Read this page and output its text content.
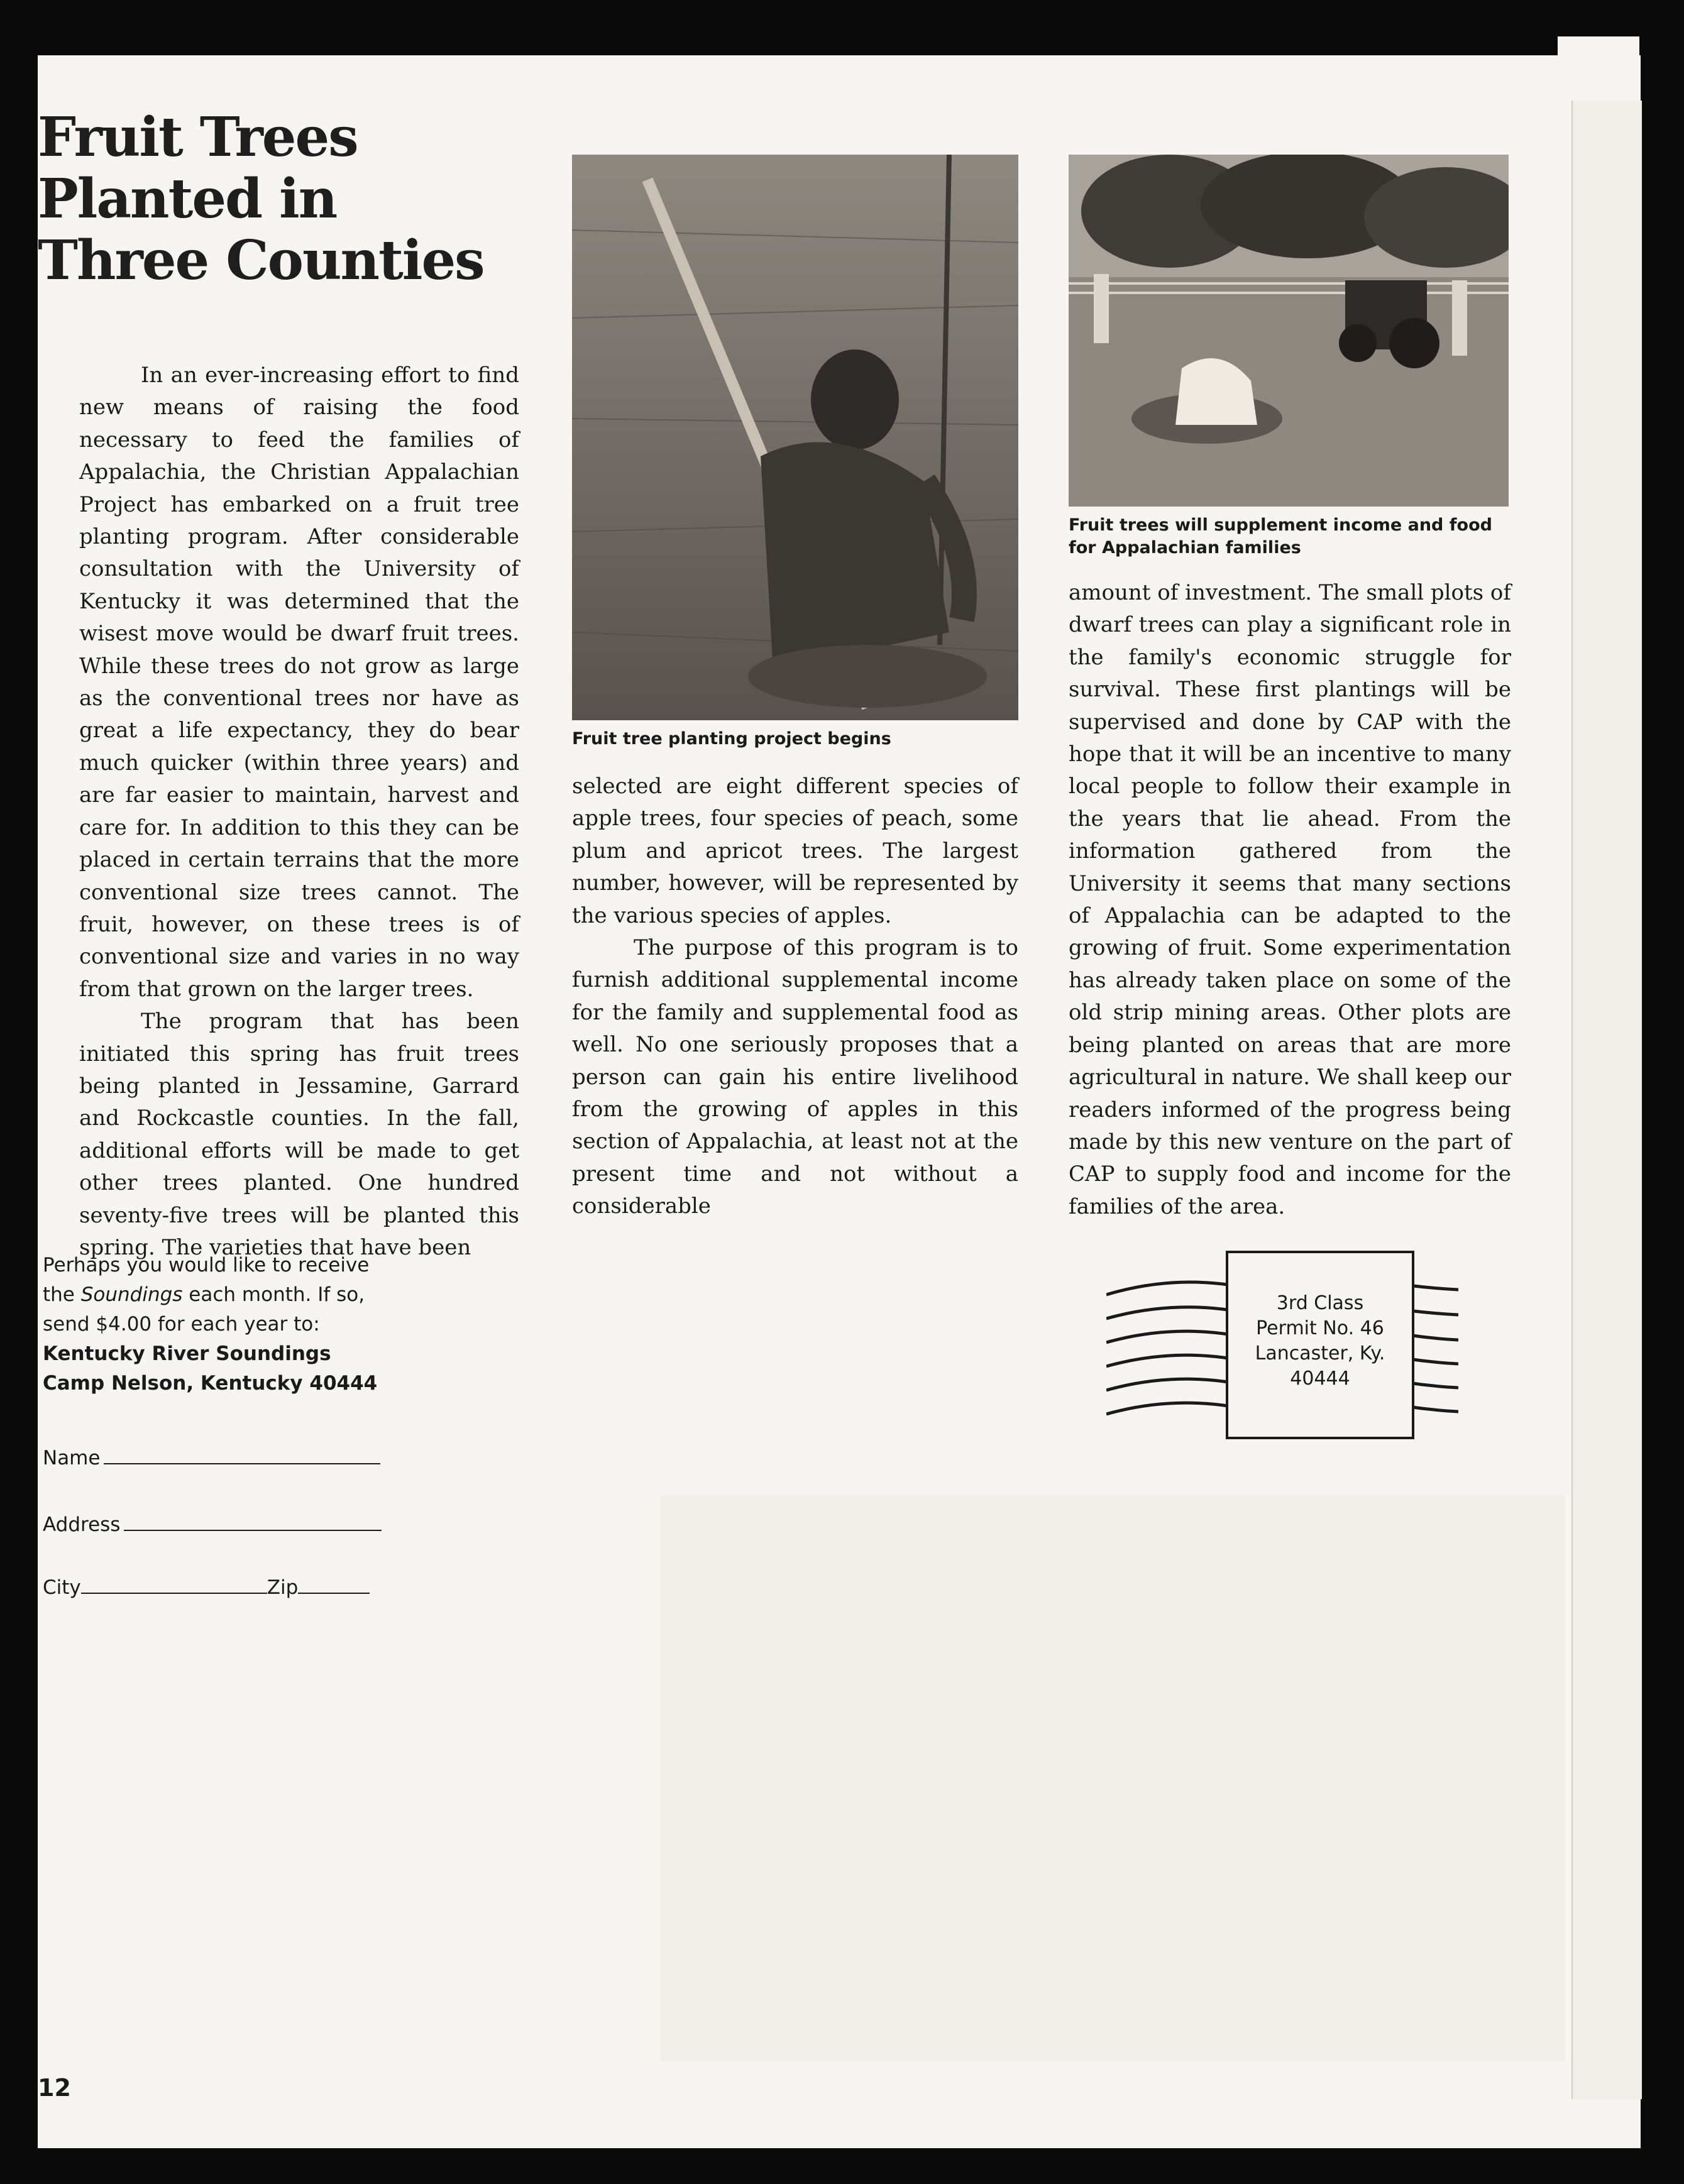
Fruit Trees
Planted in
Three Counties

In an ever-increasing effort to find new means of raising the food necessary to feed the families of Appalachia, the Christian Appalachian Project has embarked on a fruit tree planting program. After considerable consultation with the University of Kentucky it was determined that the wisest move would be dwarf fruit trees. While these trees do not grow as large as the conventional trees nor have as great a life expectancy, they do bear much quicker (within three years) and are far easier to maintain, harvest and care for. In addition to this they can be placed in certain terrains that the more conventional size trees cannot. The fruit, however, on these trees is of conventional size and varies in no way from that grown on the larger trees.

The program that has been initiated this spring has fruit trees being planted in Jessamine, Garrard and Rockcastle counties. In the fall, additional efforts will be made to get other trees planted. One hundred seventy-five trees will be planted this spring. The varieties that have been

Fruit tree planting project begins

selected are eight different species of apple trees, four species of peach, some plum and apricot trees. The largest number, however, will be represented by the various species of apples.

The purpose of this program is to furnish additional supplemental income for the family and supplemental food as well. No one seriously proposes that a person can gain his entire livelihood from the growing of apples in this section of Appalachia, at least not at the present time and not without a considerable

Fruit trees will supplement income and food for Appalachian families

amount of investment. The small plots of dwarf trees can play a significant role in the family's economic struggle for survival. These first plantings will be supervised and done by CAP with the hope that it will be an incentive to many local people to follow their example in the years that lie ahead. From the information gathered from the University it seems that many sections of Appalachia can be adapted to the growing of fruit. Some experimentation has already taken place on some of the old strip mining areas. Other plots are being planted on areas that are more agricultural in nature. We shall keep our readers informed of the progress being made by this new venture on the part of CAP to supply food and income for the families of the area.

Perhaps you would like to receive
the Soundings each month. If so,
send $4.00 for each year to:
Kentucky River Soundings
Camp Nelson, Kentucky 40444
Name
Address
City	Zip
3rd Class
Permit No. 46
Lancaster, Ky.
40444
12
